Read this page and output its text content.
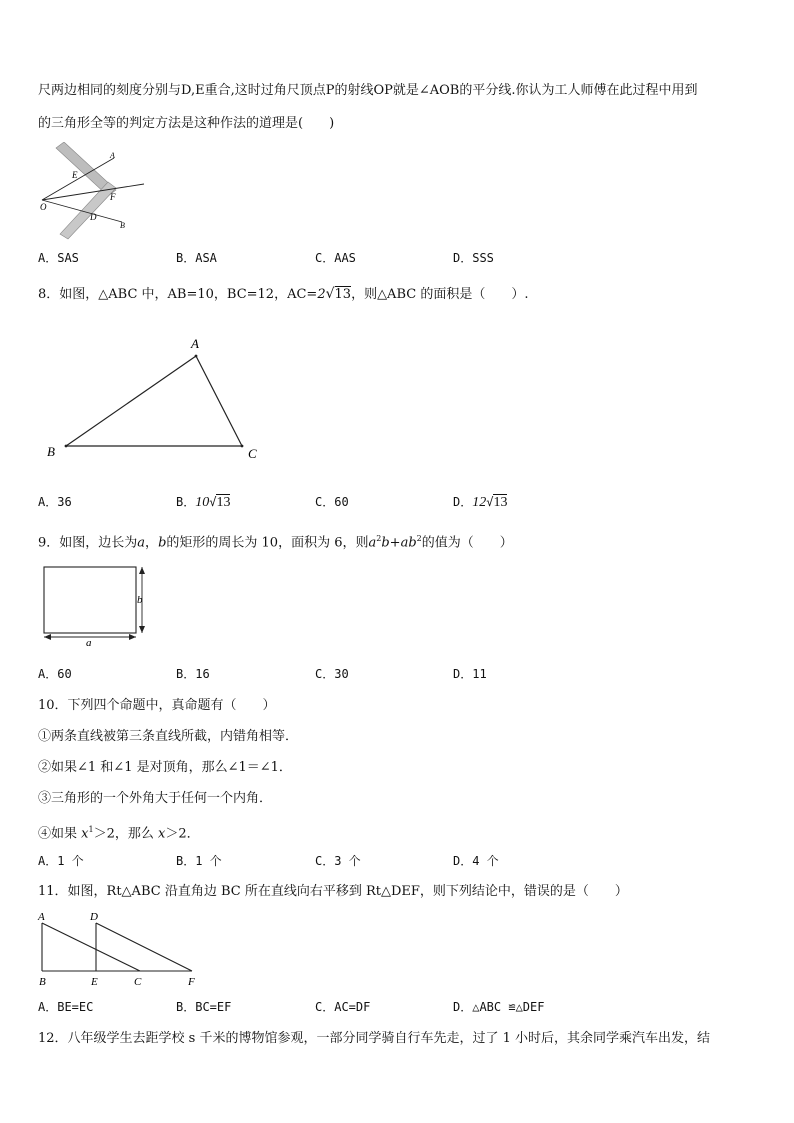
尺两边相同的刻度分别与D,E重合,这时过角尺顶点P的射线OP就是∠AOB的平分线.你认为工人师傅在此过程中用到
的三角形全等的判定方法是这种作法的道理是(　　)
A
E
F
O
D
B
A．SAS	B．ASA	C．AAS	D．SSS
8．如图，△ABC 中，AB=10，BC=12，AC=2√13，则△ABC 的面积是（　　）.
A
B	C
A．36	B．10√13	C．60	D．12√13
9．如图，边长为a，b的矩形的周长为 10，面积为 6，则$a^2b+ab^2$的值为（　　）
b
a
A．60	B．16	C．30	D．11
10．下列四个命题中，真命题有（　　）
①两条直线被第三条直线所截，内错角相等．
②如果∠1 和∠1 是对顶角，那么∠1＝∠1．
③三角形的一个外角大于任何一个内角．
④如果 $x^1>2$，那么 x＞2．
A．1 个	B．1 个	C．3 个	D．4 个
11．如图，Rt△ABC 沿直角边 BC 所在直线向右平移到 Rt△DEF，则下列结论中，错误的是（　　）
A	D
B	E	C	F
A．BE=EC	B．BC=EF	C．AC=DF	D．△ABC ≌△DEF
12．八年级学生去距学校 s 千米的博物馆参观，一部分同学骑自行车先走，过了 1 小时后，其余同学乘汽车出发，结
